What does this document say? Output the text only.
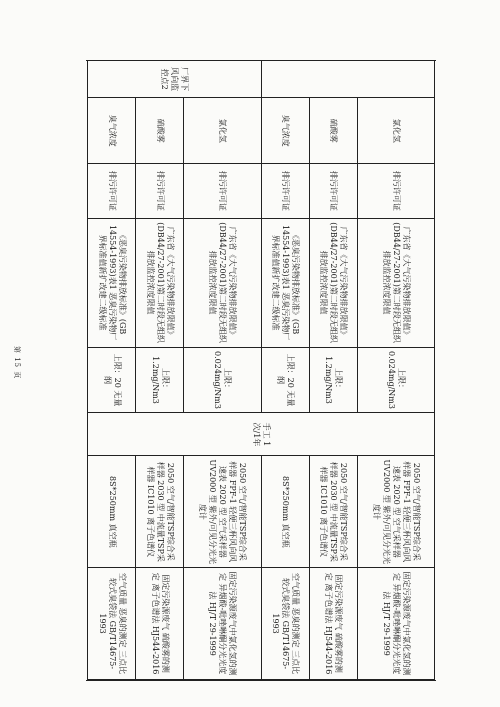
第 15 页
	氯化氢	排污许可证	广东省《大气污染物排放限值》(DB44/27-2001)第二时段无组织排放监控浓度限值	上限：0.024mg/Nm3	手工 1次/1年	2050 空气/智能TSP综合采样器 FPF-1 轻便三杯风向风速表 2020 型 空气采样器 UV2000 型 紫外/可见分光光度计	固定污染源废气中氯化氢的测定 异烟酸-吡唑啉酮分光光度法 HJ/T 29-1999
	硫酸雾	排污许可证	广东省《大气污染物排放限值》(DB44/27-2001)第二时段无组织排放监控浓度限值	上限：1.2mg/Nm3		2050 空气/智能TSP综合采样器 2030 型 中流量TSP采样器 IC1010 离子色谱仪	固定污染源废气 硫酸雾的测定 离子色谱法 HJ544-2016
	臭气浓度	排污许可证	《恶臭污染物排放标准》(GB 14554-1993)表1 恶臭污染物厂界标准值新扩改建二级标准	上限：20 无量纲		8S*250mm 真空瓶	空气质量 恶臭的测定 三点比较式臭袋法 GB/T14675-1993
厂界下风向监控点2	氯化氢	排污许可证	广东省《大气污染物排放限值》(DB44/27-2001)第二时段无组织排放监控浓度限值	上限：0.024mg/Nm3		2050 空气/智能TSP综合采样器 FPF-1 轻便三杯风向风速表 2020 型 空气采样器 UV2000 型 紫外/可见分光光度计	固定污染源废气中氯化氢的测定 异烟酸-吡唑啉酮分光光度法 HJ/T 29-1999
	硫酸雾	排污许可证	广东省《大气污染物排放限值》(DB44/27-2001)第二时段无组织排放监控浓度限值	上限：1.2mg/Nm3		2050 空气/智能TSP综合采样器 2030 型 中流量TSP采样器 IC1010 离子色谱仪	固定污染源废气 硫酸雾的测定 离子色谱法 HJ544-2016
	臭气浓度	排污许可证	《恶臭污染物排放标准》(GB 14554-1993)表1 恶臭污染物厂界标准值新扩改建二级标准	上限：20 无量纲		8S*250mm 真空瓶	空气质量 恶臭的测定 三点比较式臭袋法 GB/T14675-1993
